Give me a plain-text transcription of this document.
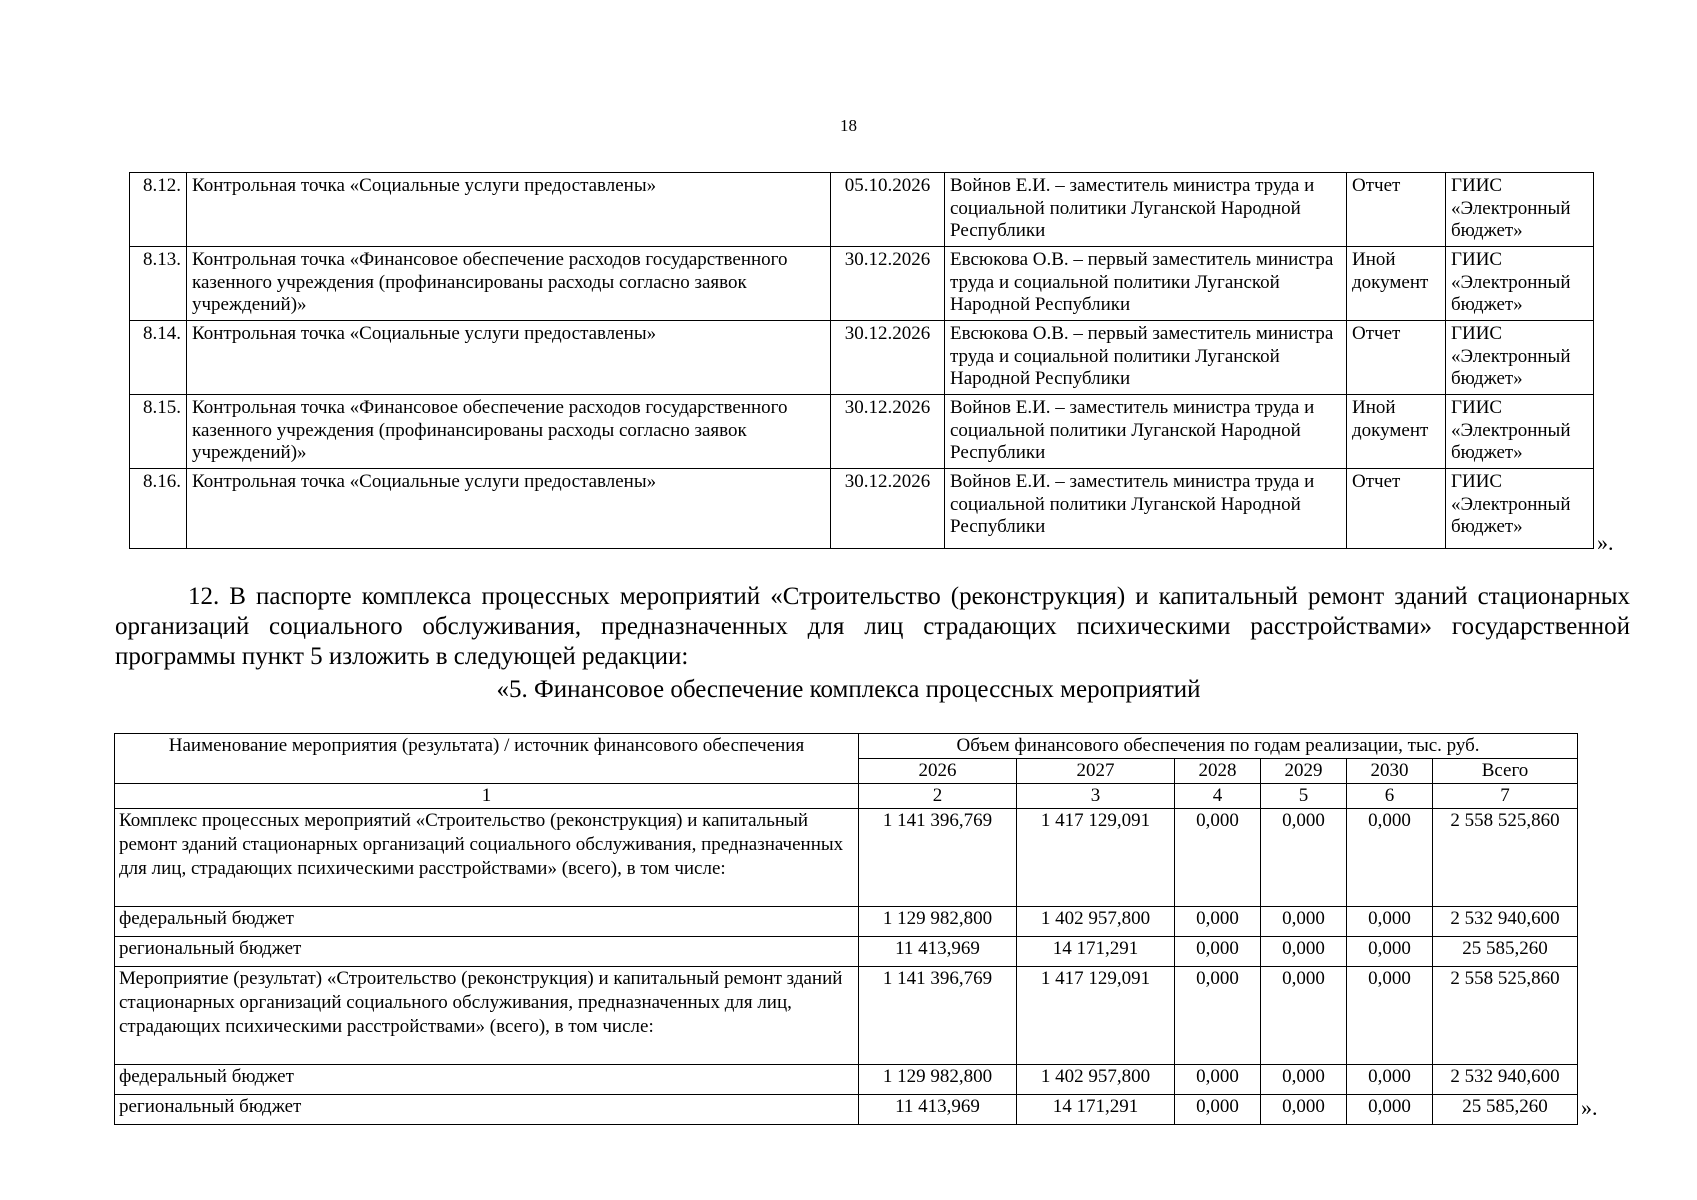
18
8.12.	Контрольная точка «Социальные услуги предоставлены»	05.10.2026	Войнов Е.И. – заместитель министра труда и социальной политики Луганской Народной Республики	Отчет	ГИИС «Электронный бюджет»
8.13.	Контрольная точка «Финансовое обеспечение расходов государственного казенного учреждения (профинансированы расходы согласно заявок учреждений)»	30.12.2026	Евсюкова О.В. – первый заместитель министра труда и социальной политики Луганской Народной Республики	Иной документ	ГИИС «Электронный бюджет»
8.14.	Контрольная точка «Социальные услуги предоставлены»	30.12.2026	Евсюкова О.В. – первый заместитель министра труда и социальной политики Луганской Народной Республики	Отчет	ГИИС «Электронный бюджет»
8.15.	Контрольная точка «Финансовое обеспечение расходов государственного казенного учреждения (профинансированы расходы согласно заявок учреждений)»	30.12.2026	Войнов Е.И. – заместитель министра труда и социальной политики Луганской Народной Республики	Иной документ	ГИИС «Электронный бюджет»
8.16.	Контрольная точка «Социальные услуги предоставлены»	30.12.2026	Войнов Е.И. – заместитель министра труда и социальной политики Луганской Народной Республики	Отчет	ГИИС «Электронный бюджет»
».
12. В паспорте комплекса процессных мероприятий «Строительство (реконструкция) и капитальный ремонт зданий стационарных организаций социального обслуживания, предназначенных для лиц страдающих психическими расстройствами» государственной программы пункт 5 изложить в следующей редакции:
«5. Финансовое обеспечение комплекса процессных мероприятий
Наименование мероприятия (результата) / источник финансового обеспечения	Объем финансового обеспечения по годам реализации, тыс. руб.					
	2026	2027	2028	2029	2030	Всего
1	2	3	4	5	6	7
Комплекс процессных мероприятий «Строительство (реконструкция) и капитальный ремонт зданий стационарных организаций социального обслуживания, предназначенных для лиц, страдающих психическими расстройствами» (всего), в том числе:	1 141 396,769	1 417 129,091	0,000	0,000	0,000	2 558 525,860
федеральный бюджет	1 129 982,800	1 402 957,800	0,000	0,000	0,000	2 532 940,600
региональный бюджет	11 413,969	14 171,291	0,000	0,000	0,000	25 585,260
Мероприятие (результат) «Строительство (реконструкция) и капитальный ремонт зданий стационарных организаций социального обслуживания, предназначенных для лиц, страдающих психическими расстройствами» (всего), в том числе:	1 141 396,769	1 417 129,091	0,000	0,000	0,000	2 558 525,860
федеральный бюджет	1 129 982,800	1 402 957,800	0,000	0,000	0,000	2 532 940,600
региональный бюджет	11 413,969	14 171,291	0,000	0,000	0,000	25 585,260 ».
